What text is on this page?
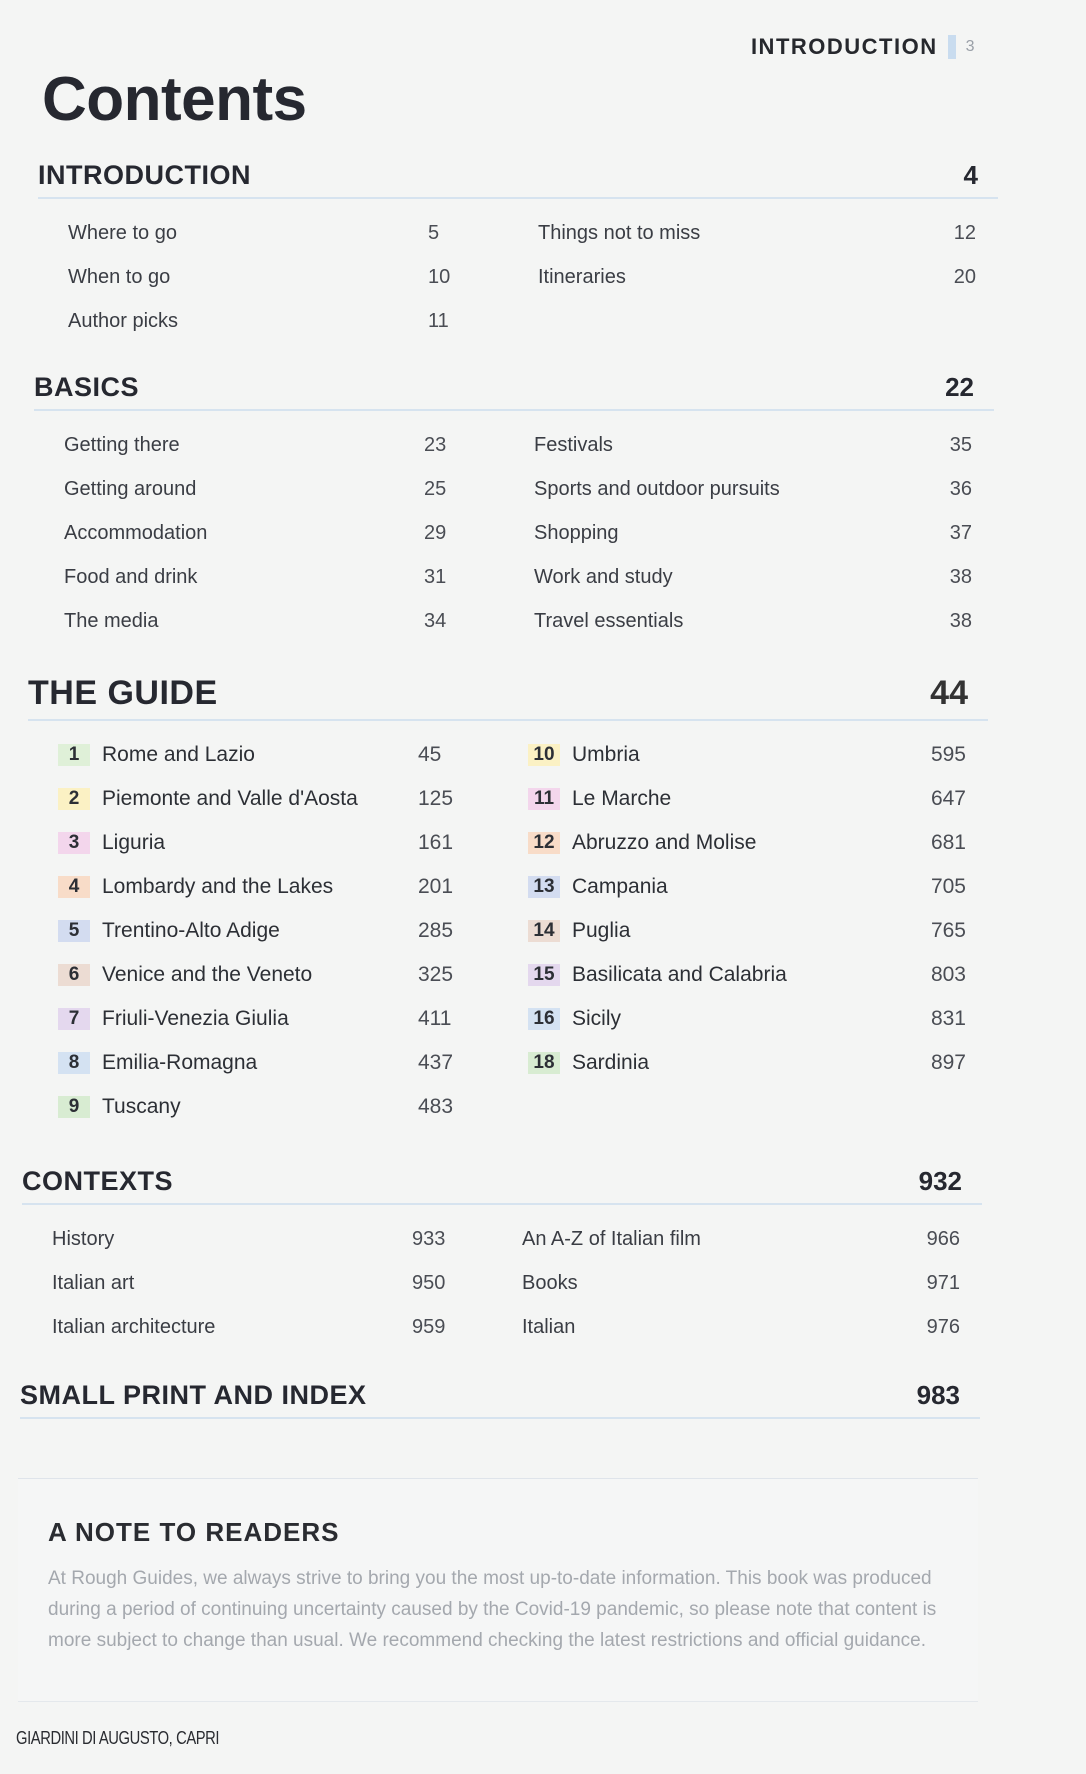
INTRODUCTION 3
Contents
INTRODUCTION	4
Where to go	5
When to go	10
Author picks	11
Things not to miss	12
Itineraries	20
BASICS	22
Getting there	23
Getting around	25
Accommodation	29
Food and drink	31
The media	34
Festivals	35
Sports and outdoor pursuits	36
Shopping	37
Work and study	38
Travel essentials	38
THE GUIDE	44
1	Rome and Lazio	45
2	Piemonte and Valle d'Aosta	125
3	Liguria	161
4	Lombardy and the Lakes	201
5	Trentino-Alto Adige	285
6	Venice and the Veneto	325
7	Friuli-Venezia Giulia	411
8	Emilia-Romagna	437
9	Tuscany	483
10 Umbria	595
11 Le Marche	647
12 Abruzzo and Molise	681
13 Campania	705
14 Puglia	765
15 Basilicata and Calabria	803
16 Sicily	831
18 Sardinia	897
CONTEXTS	932
History	933
Italian art	950
Italian architecture	959
An A-Z of Italian film	966
Books	971
Italian	976
SMALL PRINT AND INDEX	983
A NOTE TO READERS
At Rough Guides, we always strive to bring you the most up-to-date information. This book was produced during a period of continuing uncertainty caused by the Covid-19 pandemic, so please note that content is more subject to change than usual. We recommend checking the latest restrictions and official guidance.
GIARDINI DI AUGUSTO, CAPRI
